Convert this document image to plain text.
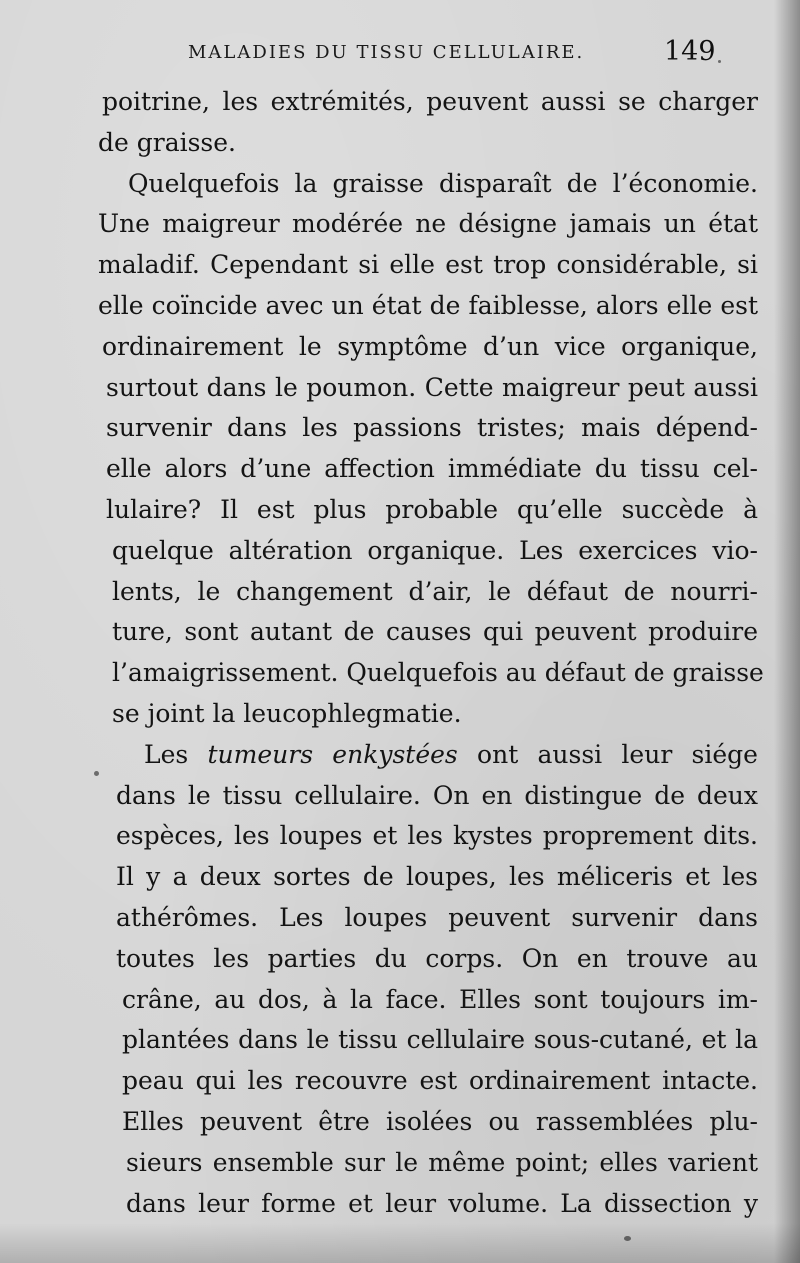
MALADIES DU TISSU CELLULAIRE.	149
poitrine, les extrémités, peuvent aussi se charger
de graisse.
Quelquefois la graisse disparaît de l’économie.
Une maigreur modérée ne désigne jamais un état
maladif. Cependant si elle est trop considérable, si
elle coïncide avec un état de faiblesse, alors elle est
ordinairement le symptôme d’un vice organique,
surtout dans le poumon. Cette maigreur peut aussi
survenir dans les passions tristes; mais dépend-
elle alors d’une affection immédiate du tissu cel-
lulaire? Il est plus probable qu’elle succède à
quelque altération organique. Les exercices vio-
lents, le changement d’air, le défaut de nourri-
ture, sont autant de causes qui peuvent produire
l’amaigrissement. Quelquefois au défaut de graisse
se joint la leucophlegmatie.
Les tumeurs enkystées ont aussi leur siége
dans le tissu cellulaire. On en distingue de deux
espèces, les loupes et les kystes proprement dits.
Il y a deux sortes de loupes, les méliceris et les
athérômes. Les loupes peuvent survenir dans
toutes les parties du corps. On en trouve au
crâne, au dos, à la face. Elles sont toujours im-
plantées dans le tissu cellulaire sous-cutané, et la
peau qui les recouvre est ordinairement intacte.
Elles peuvent être isolées ou rassemblées plu-
sieurs ensemble sur le même point; elles varient
dans leur forme et leur volume. La dissection y
